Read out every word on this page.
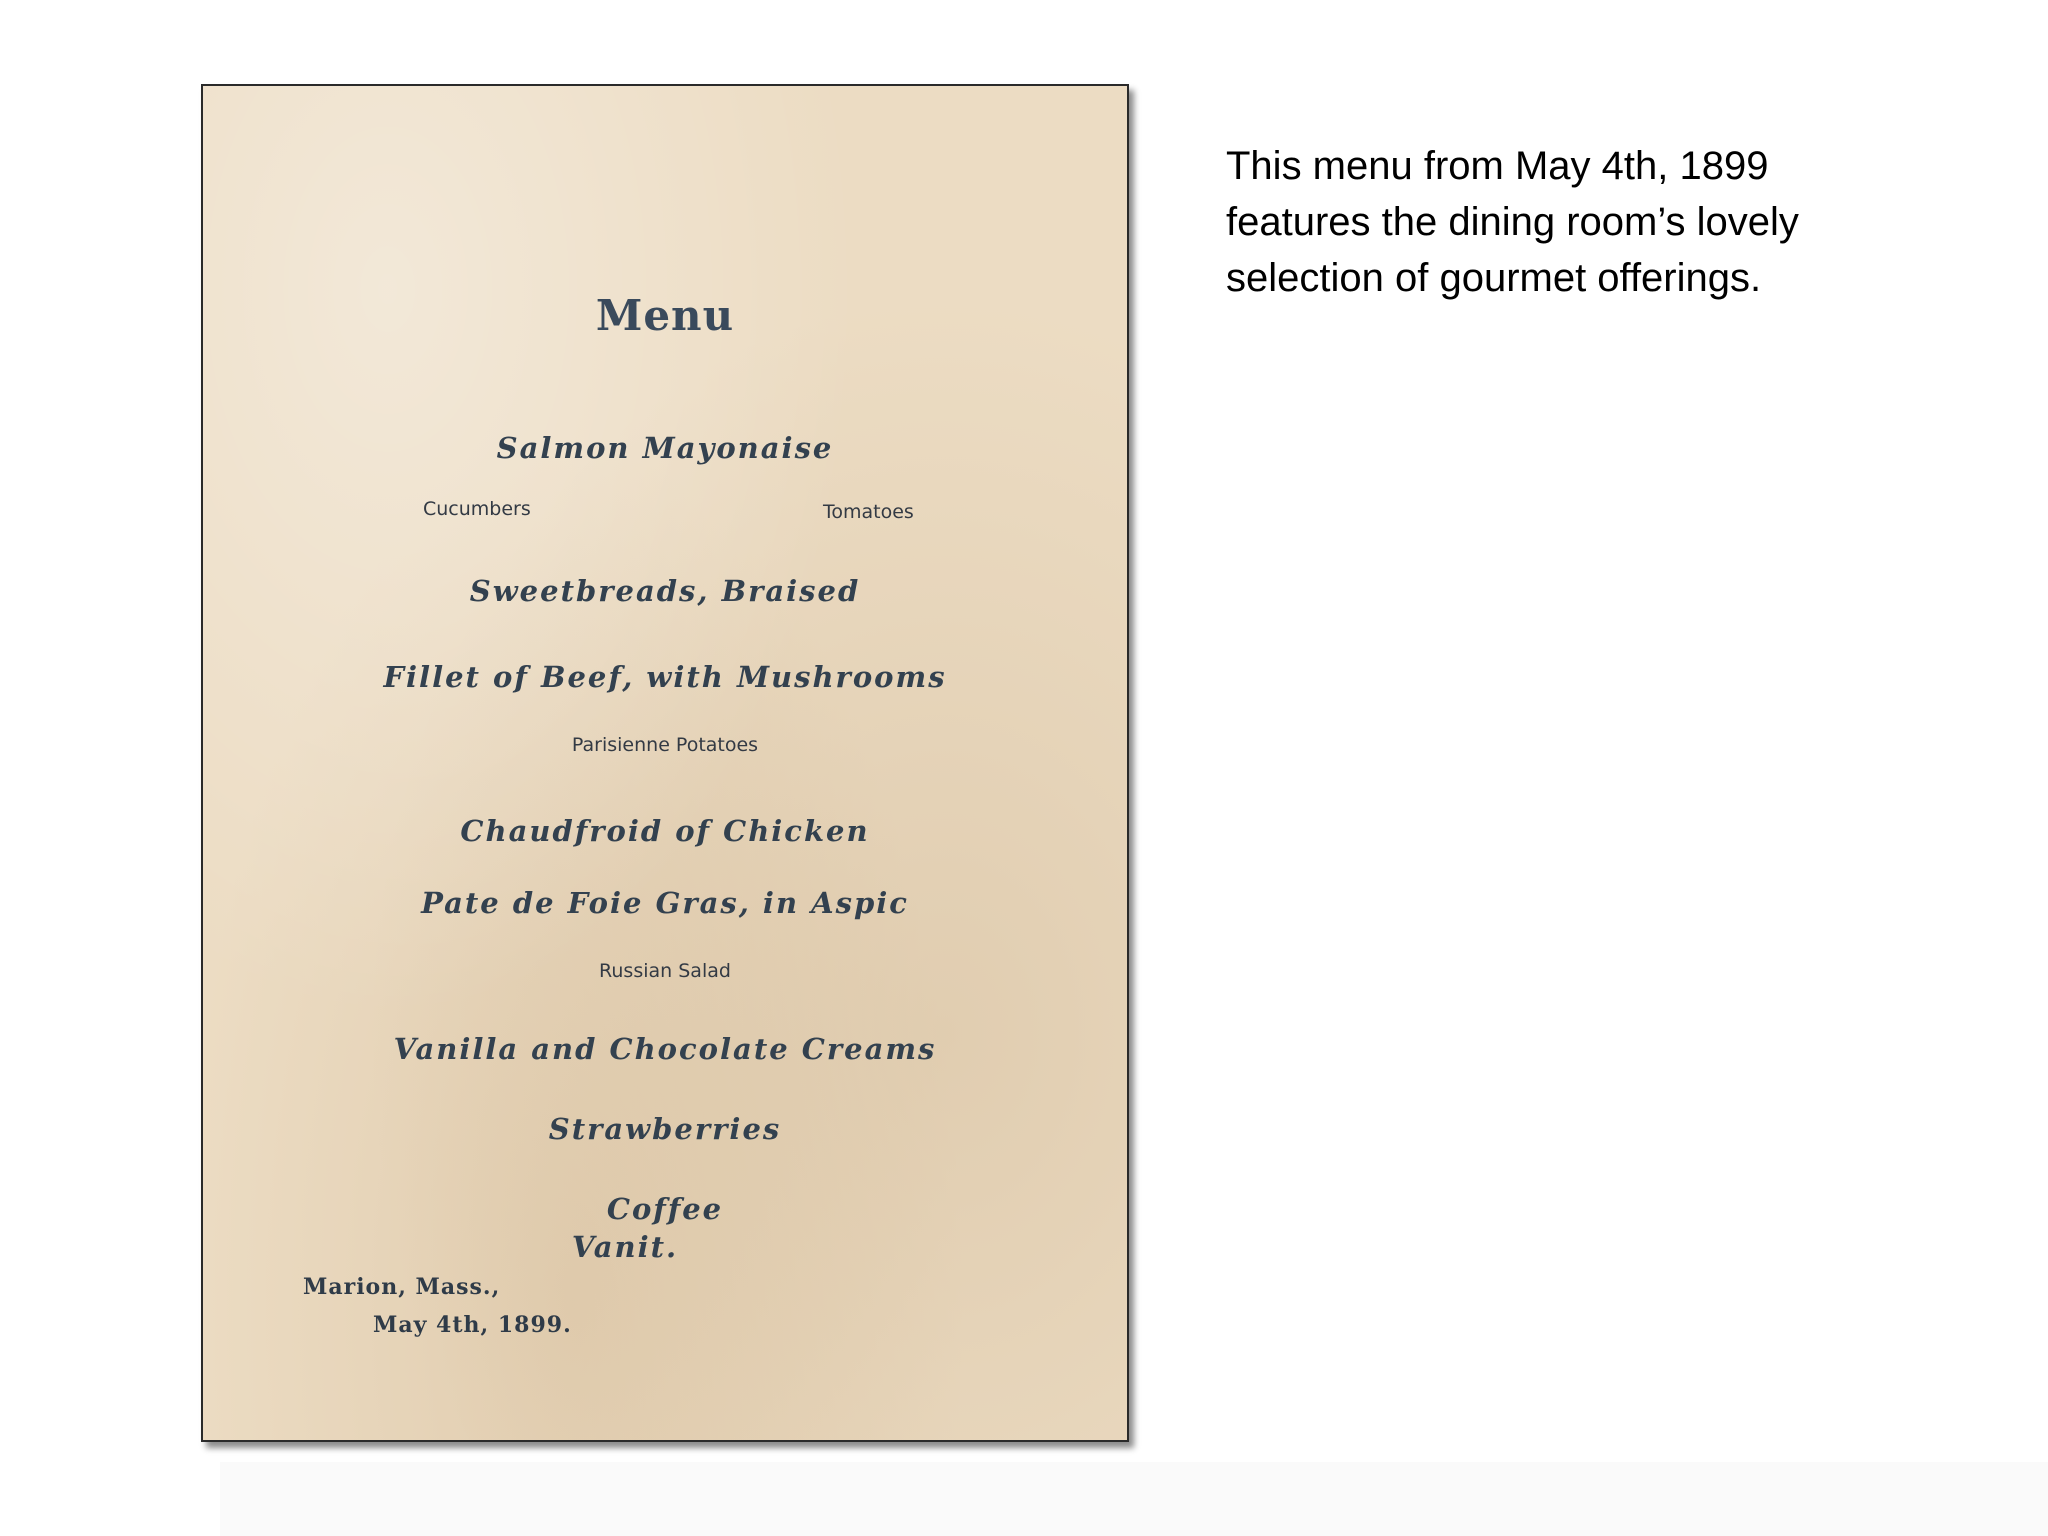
Menu
Salmon Mayonaise
Cucumbers	Tomatoes
Sweetbreads, Braised
Fillet of Beef, with Mushrooms
Parisienne Potatoes
Chaudfroid of Chicken
Pate de Foie Gras, in Aspic
Russian Salad
Vanilla and Chocolate Creams
Strawberries
Coffee
Vanit.
Marion, Mass.,
May 4th, 1899.
This menu from May 4th, 1899
features the dining room’s lovely
selection of gourmet offerings.
